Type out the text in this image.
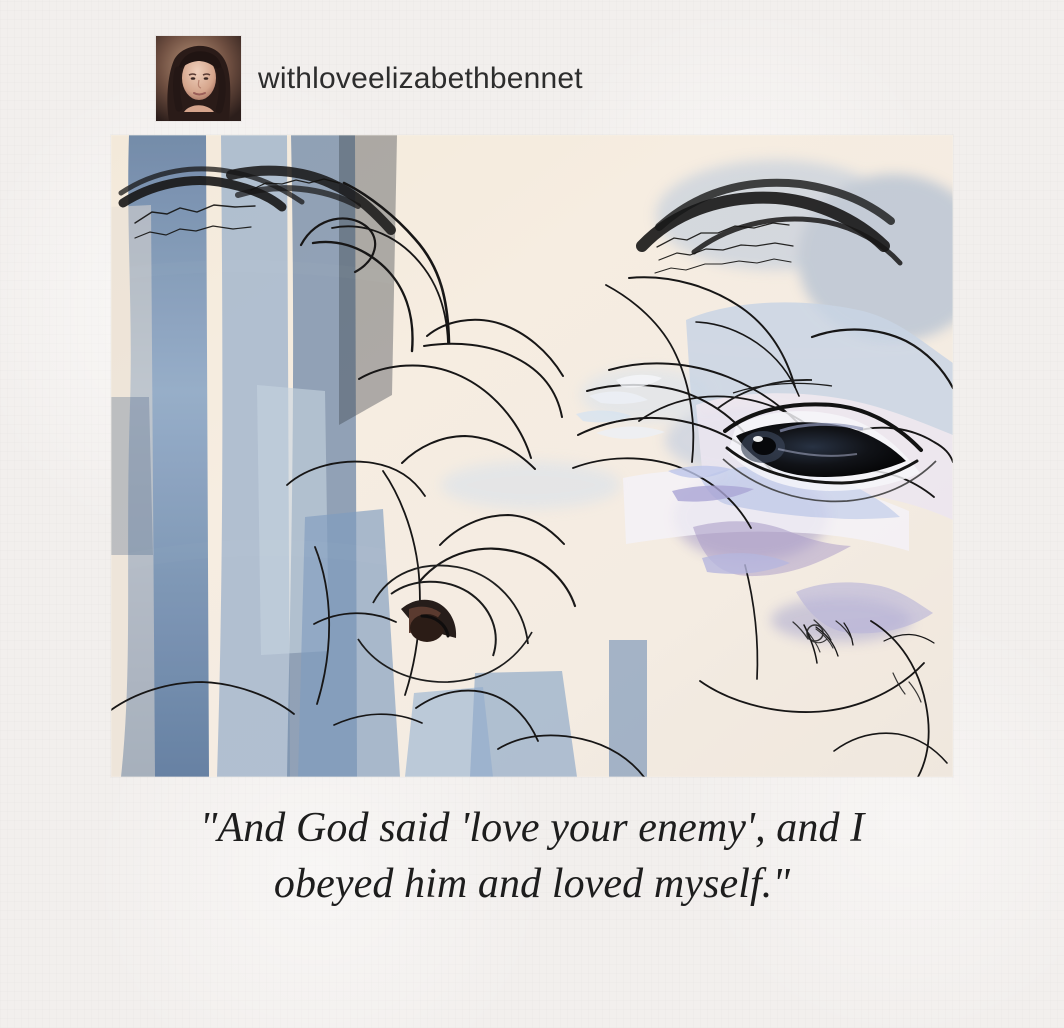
withloveelizabethbennet
"And God said 'love your enemy', and I
obeyed him and loved myself."
